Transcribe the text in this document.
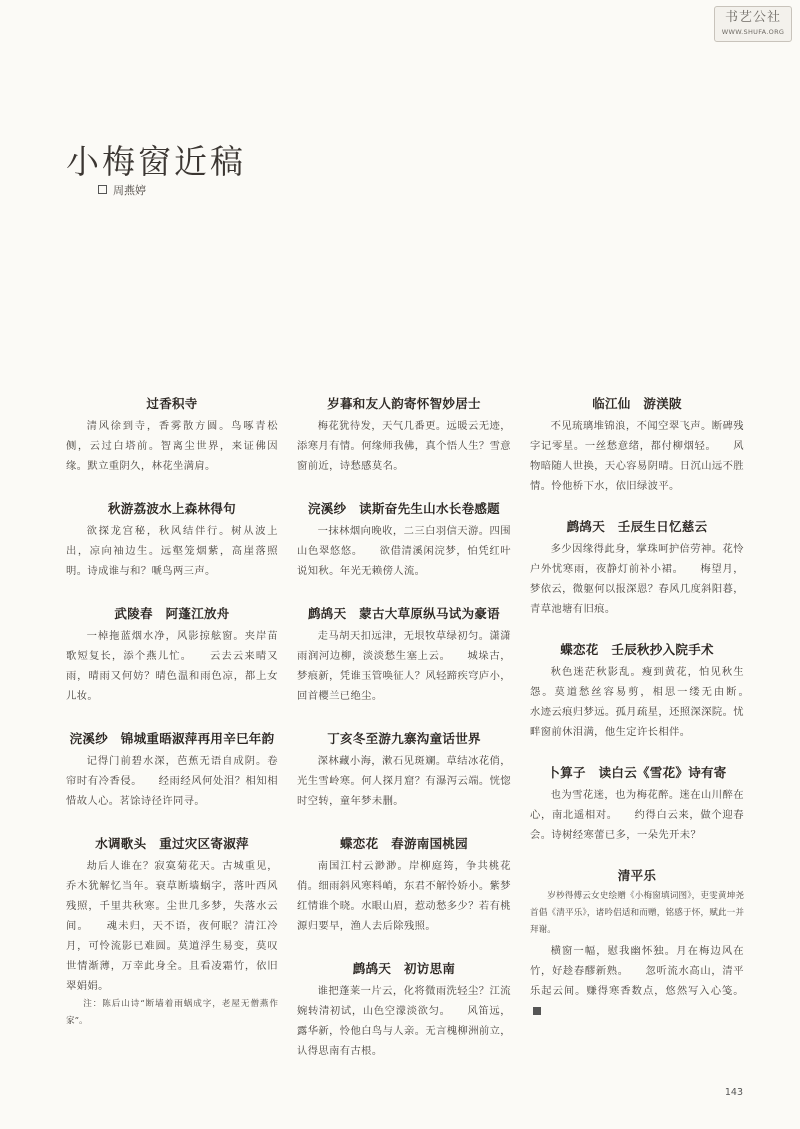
书艺公社
WWW.SHUFA.ORG
小梅窗近稿
周燕婷
过香积寺

清风徐到寺，香雾散方圆。鸟啄青松侧，云过白塔前。智离尘世界，来证佛因缘。默立重阴久，林花坐满肩。

秋游荔波水上森林得句

欲探龙宫秘，秋风结伴行。树从波上出，凉向袖边生。远壑笼烟紫，高崖落照明。诗成谁与和？嗁鸟两三声。

武陵春　阿蓬江放舟

一棹拖蓝烟水净，风影掠舷窗。夹岸苗歌短复长，添个燕儿忙。　　云去云来晴又雨，晴雨又何妨？晴色温和雨色凉，都上女儿妆。

浣溪纱　锦城重晤淑萍再用辛巳年韵

记得门前碧水深，芭蕉无语自成阴。卷帘时有冷香侵。　　经雨经风何处泪？相知相惜故人心。茗馀诗径许同寻。

水调歌头　重过灾区寄淑萍

劫后人谁在？寂寞菊花天。古城重见，乔木犹解忆当年。衰草断墙蜗字，落叶西风残照，千里共秋寒。尘世几多梦，失落水云间。　　魂未归，天不语，夜何眠？清江冷月，可怜流影已难圆。莫道浮生易变，莫叹世情渐薄，万幸此身全。且看凌霜竹，依旧翠娟娟。

注：陈后山诗“断墙着雨蜗成字，老屋无僧燕作家”。

岁暮和友人韵寄怀智妙居士

梅花犹待发，天气几番更。远暖云无迹，添寒月有情。何缘师我佛，真个悟人生？雪意窗前近，诗愁感莫名。

浣溪纱　读斯奋先生山水长卷感题

一抹林烟向晚收，二三白羽信天游。四围山色翠悠悠。　　欲借清溪闲浣梦，怕凭红叶说知秋。年光无赖傍人流。

鹧鸪天　蒙古大草原纵马试为豪语

走马胡天扣远津，无垠牧草绿初匀。潇潇雨润河边柳，淡淡愁生塞上云。　　城垛古，梦痕新，凭谁玉管唤征人？风轻蹄疾穹庐小，回首樱兰已绝尘。

丁亥冬至游九寨沟童话世界

深林藏小海，漱石见斑斓。草结冰花俏，光生雪岭寒。何人探月窟？有瀑泻云端。恍惚时空转，童年梦未删。

蝶恋花　春游南国桃园

南国江村云渺渺。岸柳庭筠，争共桃花俏。细雨斜风寒料峭，东君不解怜娇小。紫梦红情谁个晓。水眼山眉，惹动愁多少？若有桃源归要早，渔人去后除残照。

鹧鸪天　初访思南

谁把蓬莱一片云，化将微雨洗轻尘？江流婉转清初试，山色空濛淡欲匀。　　风笛远，露华新，怜他白鸟与人亲。无言槐柳洲前立，认得思南有古根。

临江仙　游渼陂

不见琉璃堆锦浪，不闻空翠飞声。断碑残字记零星。一丝愁意绪，都付柳烟轻。　　风物暗随人世换，天心容易阴晴。日沉山远不胜情。怜他桥下水，依旧绿波平。

鹧鸪天　壬辰生日忆慈云

多少因缘得此身，掌珠呵护倍劳神。花怜户外忧寒雨，夜静灯前补小裙。　　梅望月，梦依云，微躯何以报深恩？春风几度斜阳暮，青草池塘有旧痕。

蝶恋花　壬辰秋抄入院手术

秋色迷茫秋影乱。瘦到黄花，怕见秋生怨。莫道愁丝容易剪，相思一缕无由断。　　水迹云痕归梦远。孤月疏星，还照深深院。忧畔窗前休泪满，他生定许长相伴。

卜算子　读白云《雪花》诗有寄

也为雪花迷，也为梅花醉。迷在山川醉在心，南北遥相对。　　约得白云来，做个迎春会。诗树经寒蕾已多，一朵先开未？

清平乐

岁杪得傅云女史绘赠《小梅窗填词图》，吏雯黄坤尧首倡《清平乐》，诸吟侣适和而赠，铭感于怀，赋此一并拜谢。

横窗一幅，慰我幽怀独。月在梅边风在竹，好趁春醪新熟。　　忽听流水高山，清平乐起云间。赚得寒香数点，悠然写入心笺。

143
